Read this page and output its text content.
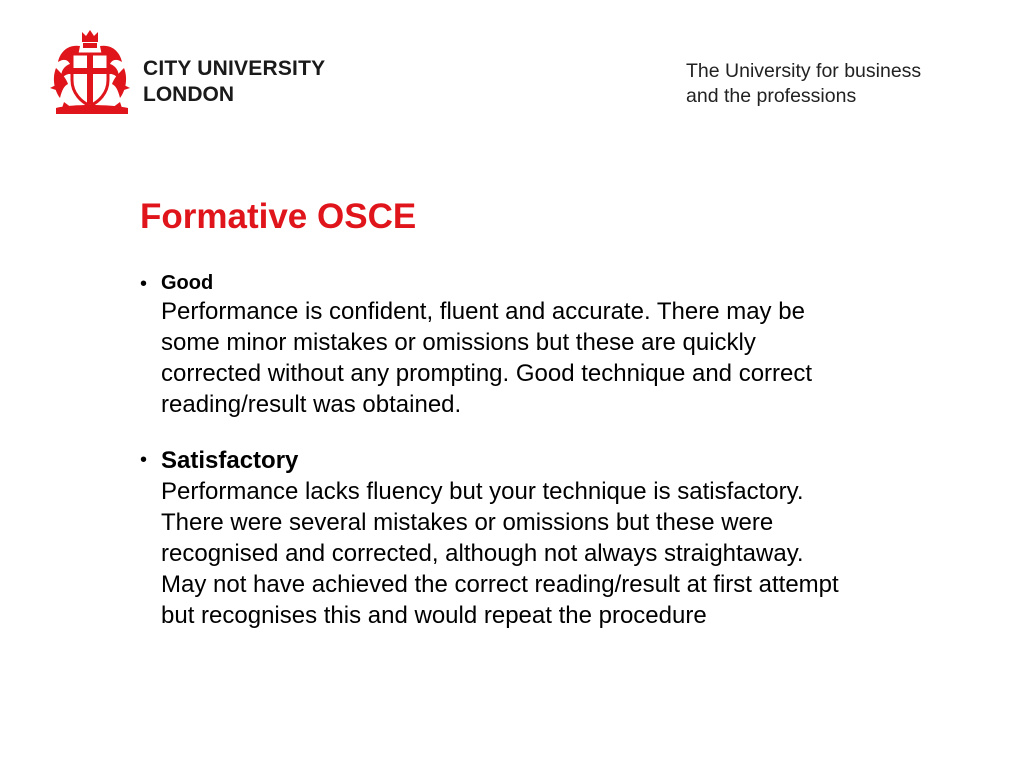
CITY UNIVERSITY
LONDON
The University for business
and the professions
Formative OSCE
• Good
Performance is confident, fluent and accurate. There may be
some minor mistakes or omissions but these are quickly
corrected without any prompting. Good technique and correct
reading/result was obtained.
• Satisfactory
Performance lacks fluency but your technique is satisfactory.
There were several mistakes or omissions but these were
recognised and corrected, although not always straightaway.
May not have achieved the correct reading/result at first attempt
but recognises this and would repeat the procedure
